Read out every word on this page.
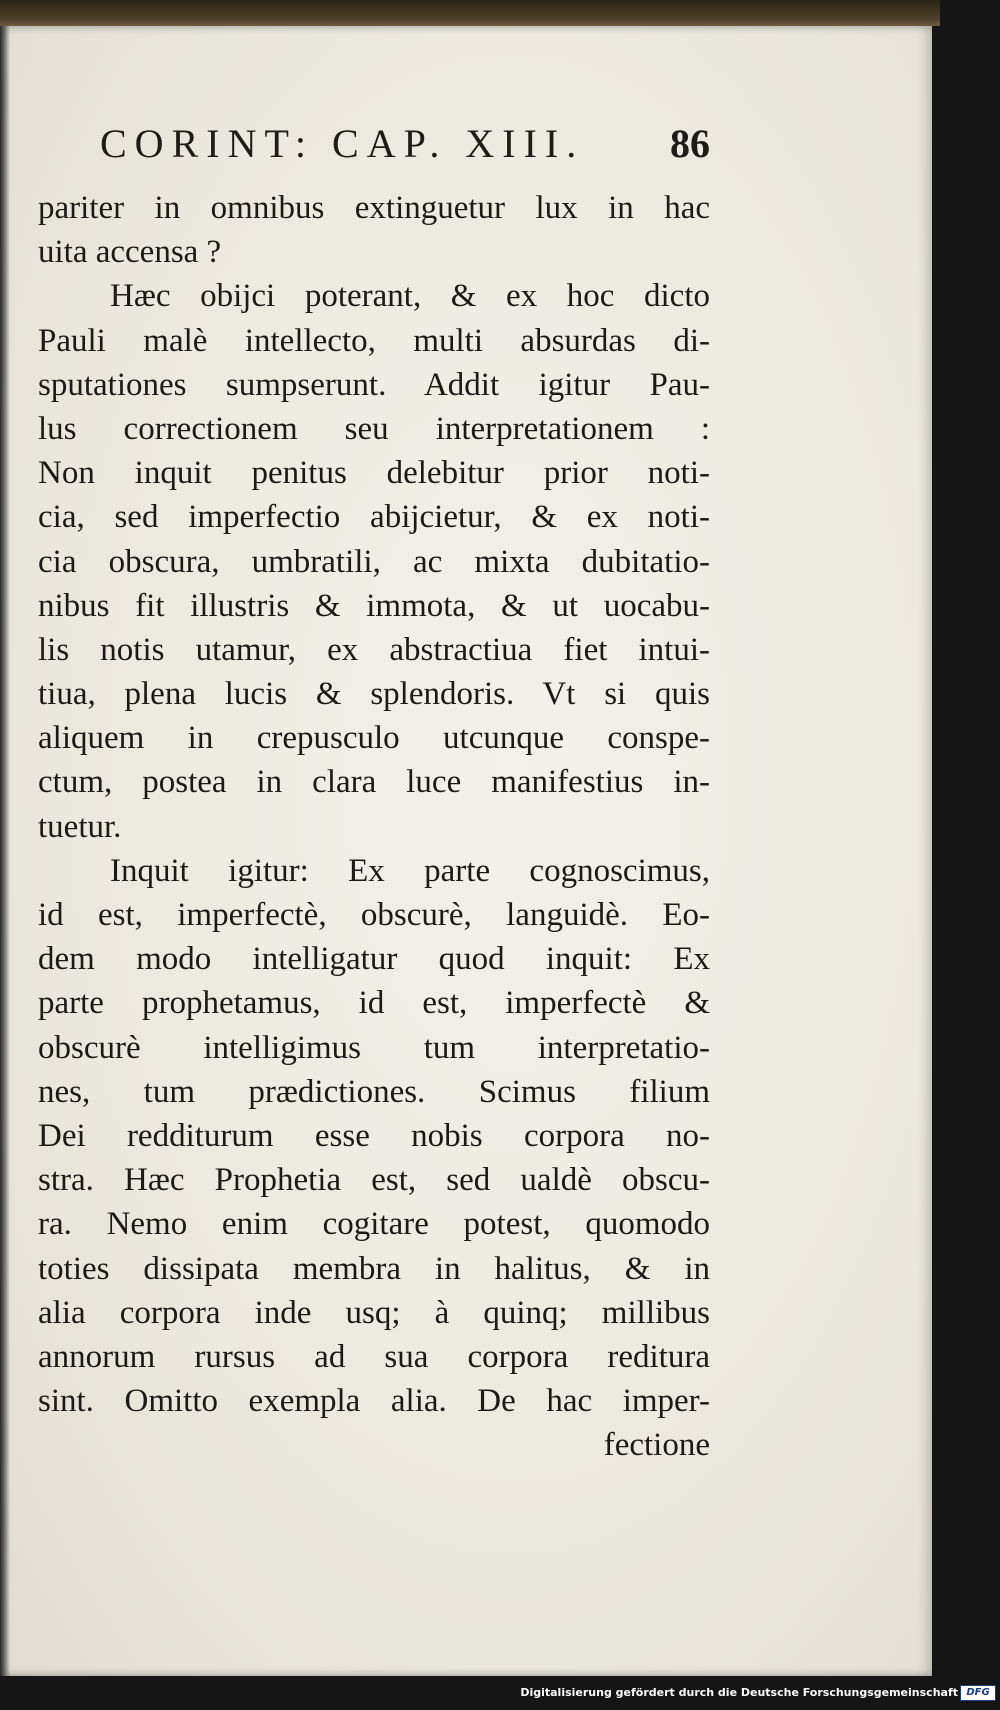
CORINT: CAP. XIII. 86
pariter in omnibus extinguetur lux in hac
uita accensa ?
Hæc obijci poterant, & ex hoc dicto
Pauli malè intellecto, multi absurdas di-
sputationes sumpserunt. Addit igitur Pau-
lus correctionem seu interpretationem :
Non inquit penitus delebitur prior noti-
cia, sed imperfectio abijcietur, & ex noti-
cia obscura, umbratili, ac mixta dubitatio-
nibus fit illustris & immota, & ut uocabu-
lis notis utamur, ex abstractiua fiet intui-
tiua, plena lucis & splendoris. Vt si quis
aliquem in crepusculo utcunque conspe-
ctum, postea in clara luce manifestius in-
tuetur.
Inquit igitur: Ex parte cognoscimus,
id est, imperfectè, obscurè, languidè. Eo-
dem modo intelligatur quod inquit: Ex
parte prophetamus, id est, imperfectè &
obscurè intelligimus tum interpretatio-
nes, tum prædictiones. Scimus filium
Dei redditurum esse nobis corpora no-
stra. Hæc Prophetia est, sed ualdè obscu-
ra. Nemo enim cogitare potest, quomodo
toties dissipata membra in halitus, & in
alia corpora inde usq; à quinq; millibus
annorum rursus ad sua corpora reditura
sint. Omitto exempla alia. De hac imper-
fectione
Digitalisierung gefördert durch die Deutsche Forschungsgemeinschaft DFG
